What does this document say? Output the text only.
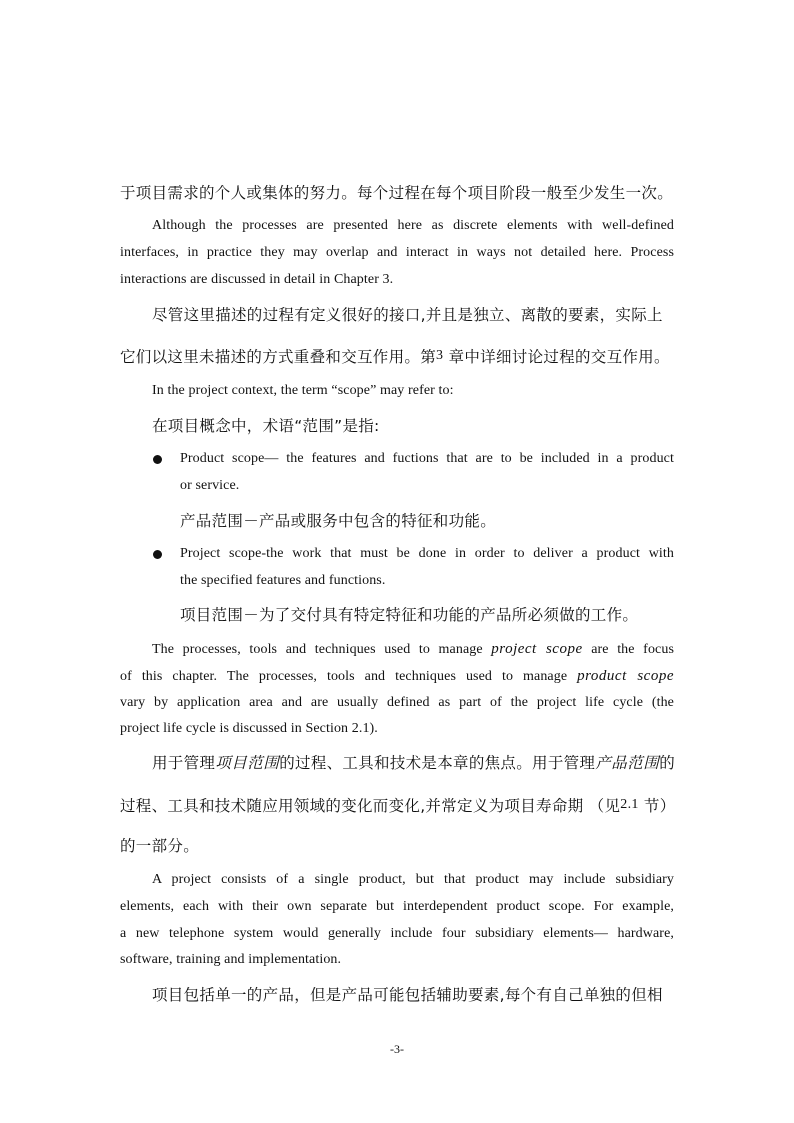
于项目需求的个人或集体的努力。每个过程在每个项目阶段一般至少发生一次。
Although the processes are presented here as discrete elements with well-defined
interfaces, in practice they may overlap and interact in ways not detailed here. Process
interactions are discussed in detail in Chapter 3.
尽管这里描述的过程有定义很好的接口,并且是独立、离散的要素，实际上
它们以这里未描述的方式重叠和交互作用。第3 章中详细讨论过程的交互作用。
In the project context, the term “scope” may refer to:
在项目概念中，术语“范围”是指:
Product scope— the features and fuctions that are to be included in a product
or service.
产品范围－产品或服务中包含的特征和功能。
Project scope-the work that must be done in order to deliver a product with
the specified features and functions.
项目范围－为了交付具有特定特征和功能的产品所必须做的工作。
The processes, tools and techniques used to manage project scope are the focus
of this chapter. The processes, tools and techniques used to manage product scope
vary by application area and are usually defined as part of the project life cycle (the
project life cycle is discussed in Section 2.1).
用于管理项目范围的过程、工具和技术是本章的焦点。用于管理产品范围的
过程、工具和技术随应用领域的变化而变化,并常定义为项目寿命期 （见2.1 节）
的一部分。
A project consists of a single product, but that product may include subsidiary
elements, each with their own separate but interdependent product scope. For example,
a new telephone system would generally include four subsidiary elements— hardware,
software, training and implementation.
项目包括单一的产品，但是产品可能包括辅助要素,每个有自己单独的但相
-3-
